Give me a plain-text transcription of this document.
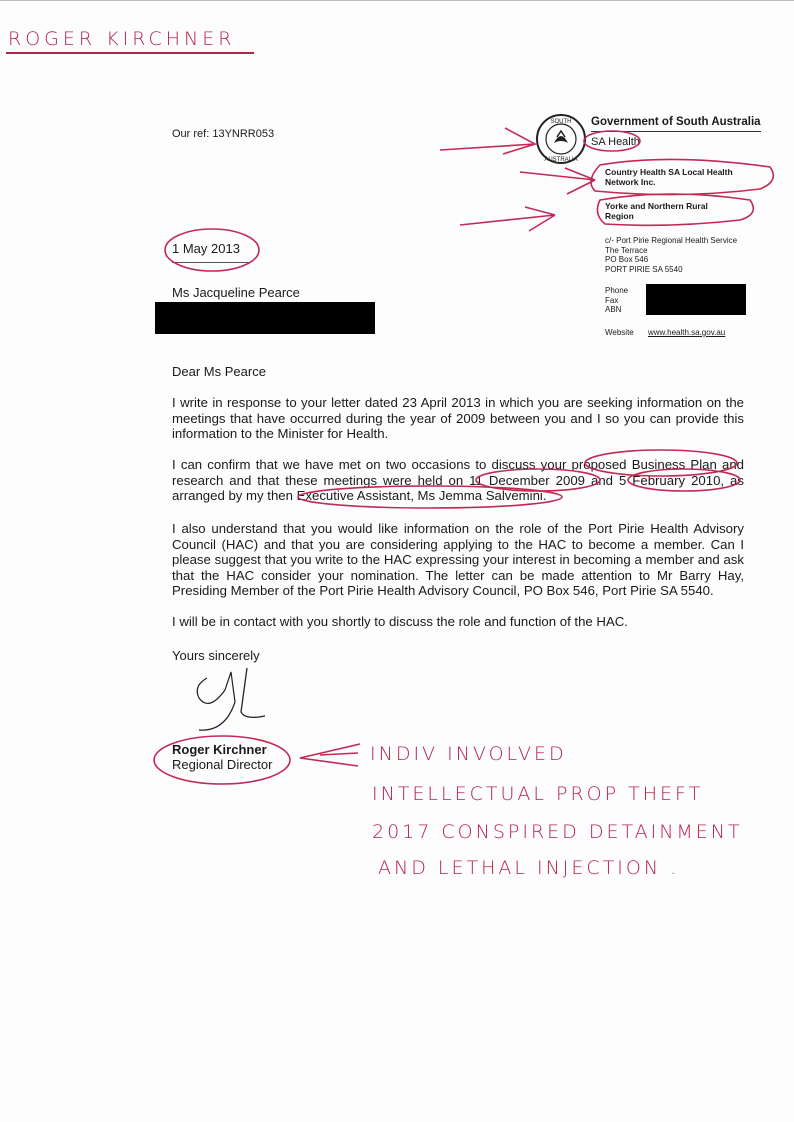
ROGER KIRCHNER
Our ref: 13YNRR053
SOUTH
AUSTRALIA
Government of South Australia
SA Health
Country Health SA Local Health
Network Inc.
Yorke and Northern Rural
Region
c/- Port Pirie Regional Health Service
The Terrace
PO Box 546
PORT PIRIE SA 5540
Phone
Fax
ABN
Website www.health.sa.gov.au
1 May 2013
Ms Jacqueline Pearce
Dear Ms Pearce
I write in response to your letter dated 23 April 2013 in which you are seeking information on the meetings that have occurred during the year of 2009 between you and I so you can provide this information to the Minister for Health.
I can confirm that we have met on two occasions to discuss your proposed Business Plan and research and that these meetings were held on 11 December 2009 and 5 February 2010, as arranged by my then Executive Assistant, Ms Jemma Salvemini.
I also understand that you would like information on the role of the Port Pirie Health Advisory Council (HAC) and that you are considering applying to the HAC to become a member. Can I please suggest that you write to the HAC expressing your interest in becoming a member and ask that the HAC consider your nomination. The letter can be made attention to Mr Barry Hay, Presiding Member of the Port Pirie Health Advisory Council, PO Box 546, Port Pirie SA 5540.
I will be in contact with you shortly to discuss the role and function of the HAC.
Yours sincerely
Roger Kirchner
Regional Director	INDIV INVOLVED
INTELLECTUAL PROP THEFT
2017 CONSPIRED DETAINMENT
AND LETHAL INJECTION .
